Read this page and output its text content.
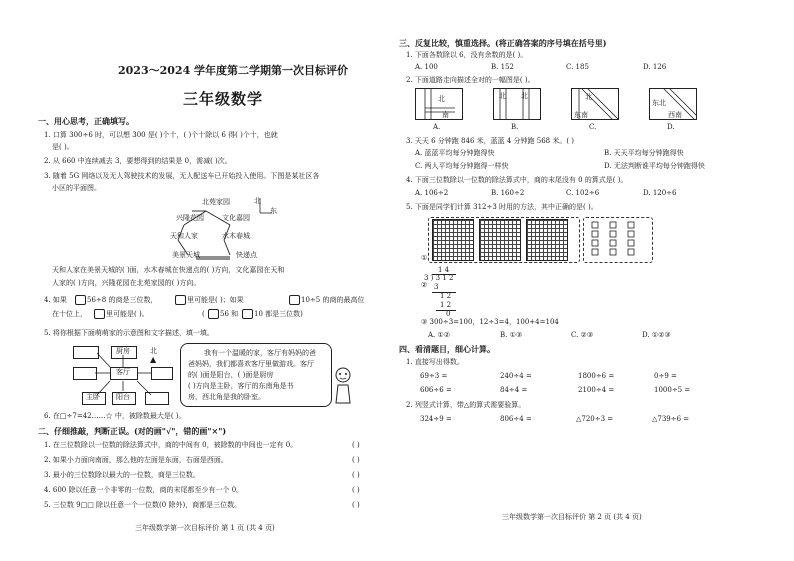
2023～2024 学年度第二学期第一次目标评价
三年级数学
一、用心思考，正确填写。
1. 口算 300÷6 时，可以想 300 是( )个十，( )个十除以 6 得( )个十，也就
是( )。
2. 从 660 中连续减去 3，要想得到的结果是 0，需减( )次。
3. 随着 5G 网络以及无人驾驶技术的发展，无人配送车已开始投入使用。下图是某社区各
小区的平面图。
北苑家园	北
东
兴隆花园	文化嘉园
天和人家	水木春城
美景天城	快递点
天和人家在美景天城的( )面，水木春城在快递点的( )方向，文化嘉园在天和
人家的( )方向，兴隆花园在北苑家园的( )方向。
4. 如果	56÷8 的商是三位数，	里可能是( )；如果	10÷5 的商的最高位
在十位上，	里可能是( )。	( 56 和 10 都是三位数)
5. 将你根据下面萌萌家的示意图和文字描述，填一填。
厨房	北
▲
客厅
主卧 阳台
我有一个温暖的家，客厅有妈妈的爸
爸妈妈，我们都喜欢客厅里做游戏。客厅
的( )面是阳台，( )面是厨房
( )方向是主卧，客厅的东南角是书
房，西北角是我的卧室。
6. 在□÷7=42……☆ 中，被除数最大是( )。
二、仔细推敲，判断正误。(对的画"√"，错的画"×")
1. 在三位数除以一位数的除法算式中，商的中间有 0，被除数的中间也一定有 0。	( )
2. 如果小力面向南面，那么他的左面是东面，右面是西面。	( )
3. 最小的三位数除以最大的一位数，商是三位数。	( )
4. 600 除以任意一个非零的一位数，商的末尾都至少有一个 0。	( )
5. 三位数 9□□ 除以任意一个一位数(0 除外)，商都是三位数。	( )
三年级数学第一次目标评价 第 1 页 (共 4 页)
三、反复比较，慎重选择。(将正确答案的序号填在括号里)
1. 下面各数除以 6，没有余数的是( )。
A. 100	B. 152	C. 185	D. 126
2. 下面道路走向描述全对的一幅图是( )。
北
南
北 北	北
东南
东北
西南
A.	B.	C.	D.
3. 天天 6 分钟跑 846 米，蓝蓝 4 分钟跑 568 米。( )
A. 蓝蓝平均每分钟跑得快	B. 天天平均每分钟跑得快
C. 两人平均每分钟跑得一样快	D. 无法判断谁平均每分钟跑得快
4. 下面三位数除以一位数的除法算式中，商的末尾没有 0 的算式是( )。
A. 106÷2	B. 160÷2	C. 102÷6	D. 120÷6
5. 下面是同学们计算 312÷3 时用的方法，其中正确的是( )。
①
②
1 4
3 ) 3 1 2
3
1 2
1 2
0
③ 300÷3=100，12÷3=4，100+4=104
A. ①②	B. ①③	C. ②③	D. ①②③
四、看清题目，细心计算。
1. 直接写出得数。
69÷3 =	240÷4 =	1800÷6 =	0÷9 =
606÷6 =	84÷4 =	2100÷4 =	1000÷5 =
2. 列竖式计算，带△的算式需要验算。
324÷9 =	806÷4 =	△720÷3 =	△739÷6 =
三年级数学第一次目标评价 第 2 页 (共 4 页)
